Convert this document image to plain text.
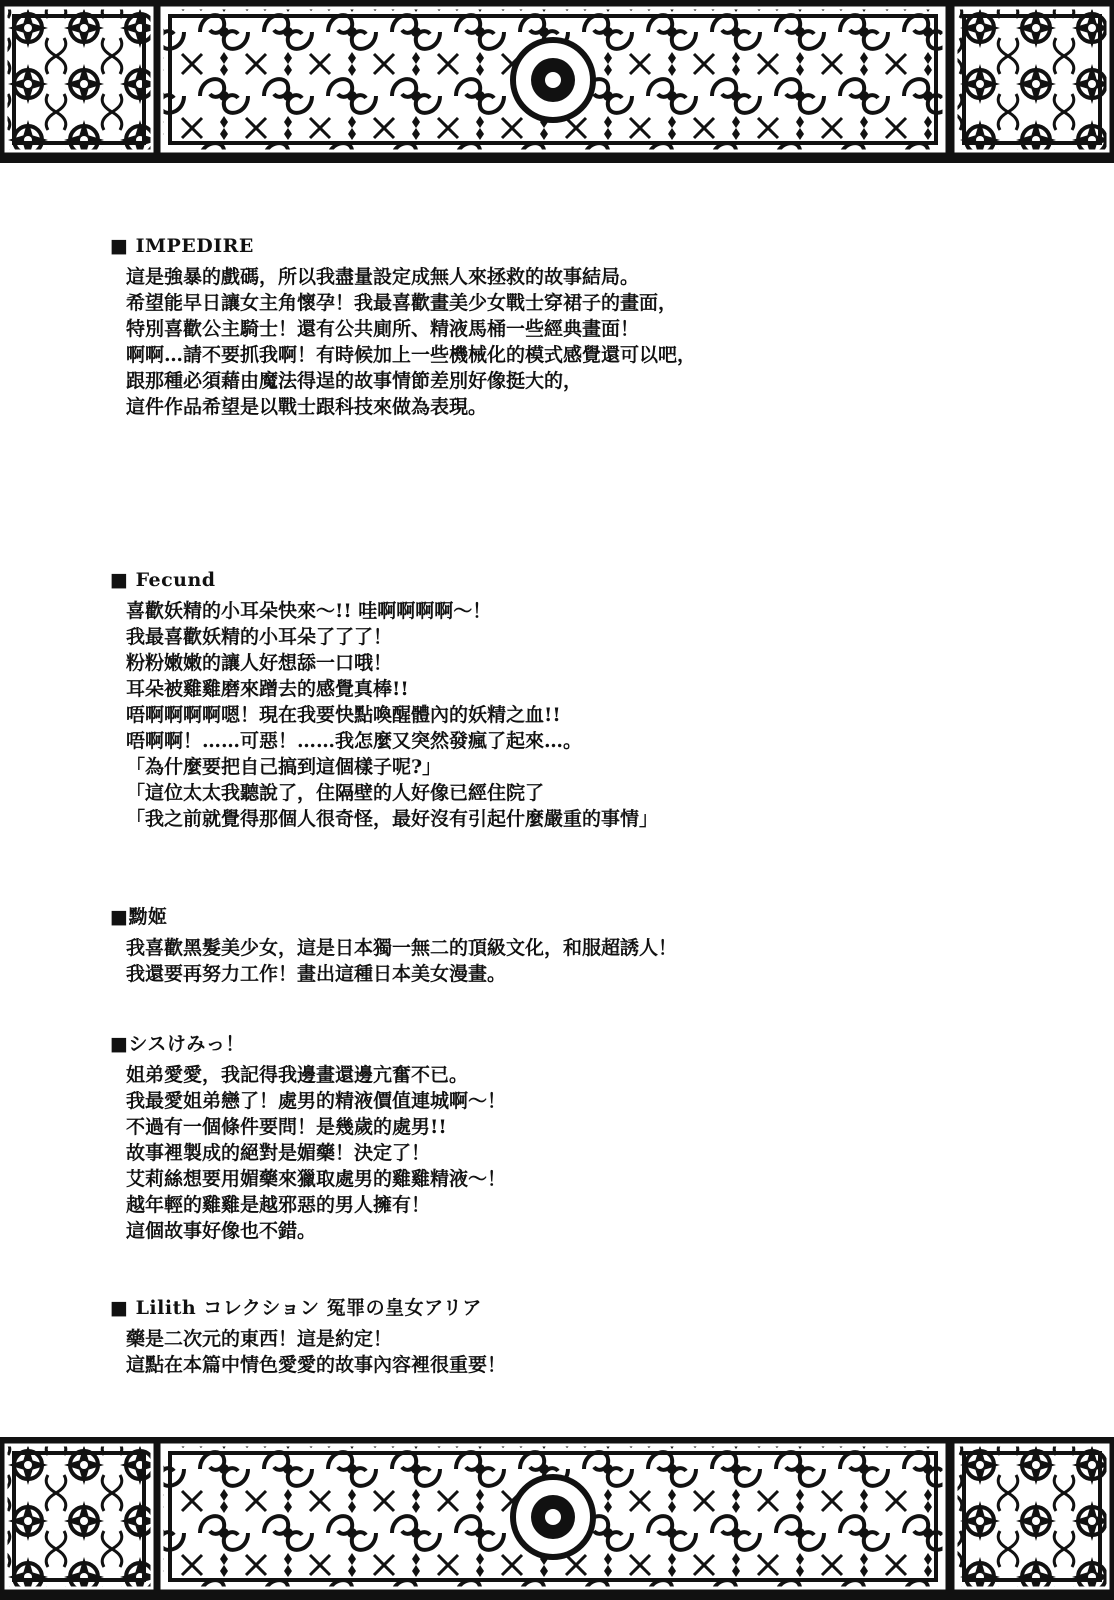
■ IMPEDIRE
這是強暴的戲碼，所以我盡量設定成無人來拯救的故事結局。
希望能早日讓女主角懷孕！我最喜歡畫美少女戰士穿裙子的畫面，
特別喜歡公主騎士！還有公共廁所、精液馬桶一些經典畫面！
啊啊…請不要抓我啊！有時候加上一些機械化的模式感覺還可以吧，
跟那種必須藉由魔法得逞的故事情節差別好像挺大的，
這件作品希望是以戰士跟科技來做為表現。
■ Fecund
喜歡妖精的小耳朵快來～!! 哇啊啊啊啊～！
我最喜歡妖精的小耳朵了了了！
粉粉嫩嫩的讓人好想舔一口哦！
耳朵被雞雞磨來蹭去的感覺真棒!!
唔啊啊啊啊嗯！現在我要快點喚醒體內的妖精之血!!
唔啊啊！……可惡！……我怎麼又突然發瘋了起來…。
「為什麼要把自己搞到這個樣子呢?」
「這位太太我聽說了，住隔壁的人好像已經住院了
「我之前就覺得那個人很奇怪，最好沒有引起什麼嚴重的事情」
■黝姬
我喜歡黑髮美少女，這是日本獨一無二的頂級文化，和服超誘人！
我還要再努力工作！畫出這種日本美女漫畫。
■シスけみっ！
姐弟愛愛，我記得我邊畫還邊亢奮不已。
我最愛姐弟戀了！處男的精液價值連城啊～！
不過有一個條件要問！是幾歲的處男!!
故事裡製成的絕對是媚藥！決定了！
艾莉絲想要用媚藥來獵取處男的雞雞精液～！
越年輕的雞雞是越邪惡的男人擁有！
這個故事好像也不錯。
■ Lilith コレクション 冤罪の皇女アリア
藥是二次元的東西！這是約定！
這點在本篇中情色愛愛的故事內容裡很重要！
